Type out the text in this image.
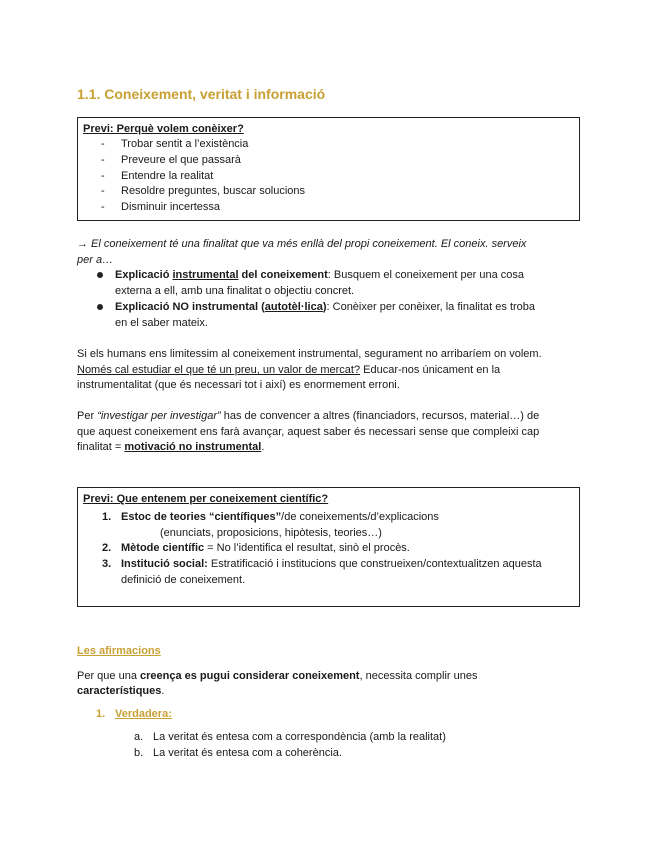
1.1. Coneixement, veritat i informació
Previ: Perquè volem conèixer?
- Trobar sentit a l’existència
- Preveure el que passarà
- Entendre la realitat
- Resoldre preguntes, buscar solucions
- Disminuir incertessa
→ El coneixement té una finalitat que va més enllà del propi coneixement. El coneix. serveix
per a…
Explicació instrumental del coneixement: Busquem el coneixement per una cosa
externa a ell, amb una finalitat o objectiu concret.
Explicació NO instrumental (autotèl·lica): Conèixer per conèixer, la finalitat es troba
en el saber mateix.
Si els humans ens limitessim al coneixement instrumental, segurament no arribaríem on volem.
Només cal estudiar el que té un preu, un valor de mercat? Educar-nos únicament en la
instrumentalitat (que és necessari tot i així) es enormement erroni.
Per “investigar per investigar” has de convencer a altres (financiadors, recursos, material…) de
que aquest coneixement ens farà avançar, aquest saber és necessari sense que compleixi cap
finalitat = motivació no instrumental.
Previ: Que entenem per coneixement científic?
1. Estoc de teories “científiques”/de coneixements/d’explicacions
(enunciats, proposicions, hipòtesis, teories…)
2. Mètode científic = No l’identifica el resultat, sinò el procès.
3. Institució social: Estratificació i institucions que construeixen/contextualitzen aquesta
definició de coneixement.
Les afirmacions
Per que una creença es pugui considerar coneixement, necessita complir unes
característiques.
1. Verdadera:
a. La veritat és entesa com a correspondència (amb la realitat)
b. La veritat és entesa com a coherència.
